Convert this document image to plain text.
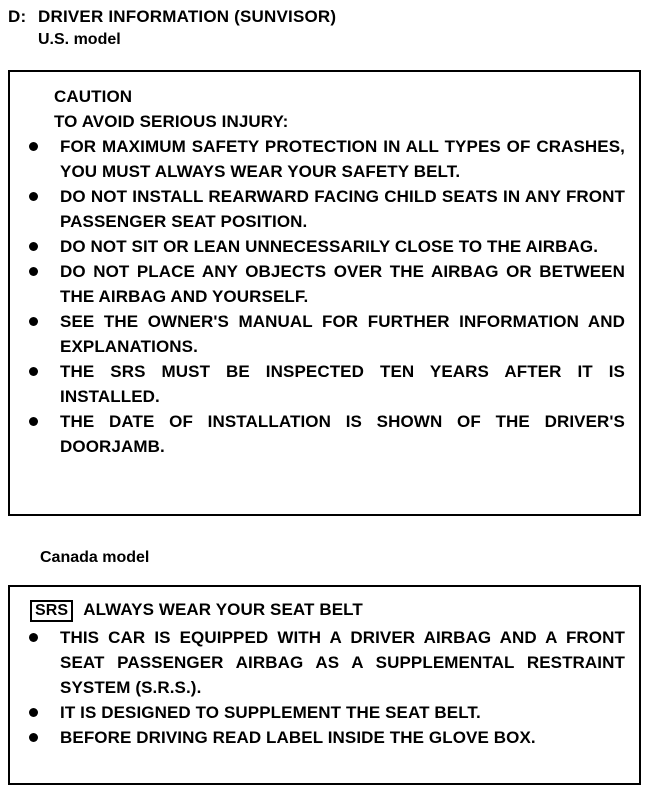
D: DRIVER INFORMATION (SUNVISOR)
U.S. model
CAUTION
TO AVOID SERIOUS INJURY:
FOR MAXIMUM SAFETY PROTECTION IN ALL TYPES OF CRASHES, YOU MUST ALWAYS WEAR YOUR SAFETY BELT.
DO NOT INSTALL REARWARD FACING CHILD SEATS IN ANY FRONT PASSENGER SEAT POSITION.
DO NOT SIT OR LEAN UNNECESSARILY CLOSE TO THE AIRBAG.
DO NOT PLACE ANY OBJECTS OVER THE AIRBAG OR BETWEEN THE AIRBAG AND YOURSELF.
SEE THE OWNER'S MANUAL FOR FURTHER INFORMATION AND EXPLANATIONS.
THE SRS MUST BE INSPECTED TEN YEARS AFTER IT IS INSTALLED.
THE DATE OF INSTALLATION IS SHOWN OF THE DRIVER'S DOORJAMB.
Canada model
SRS ALWAYS WEAR YOUR SEAT BELT
THIS CAR IS EQUIPPED WITH A DRIVER AIRBAG AND A FRONT SEAT PASSENGER AIRBAG AS A SUPPLEMENTAL RESTRAINT SYSTEM (S.R.S.).
IT IS DESIGNED TO SUPPLEMENT THE SEAT BELT.
BEFORE DRIVING READ LABEL INSIDE THE GLOVE BOX.
